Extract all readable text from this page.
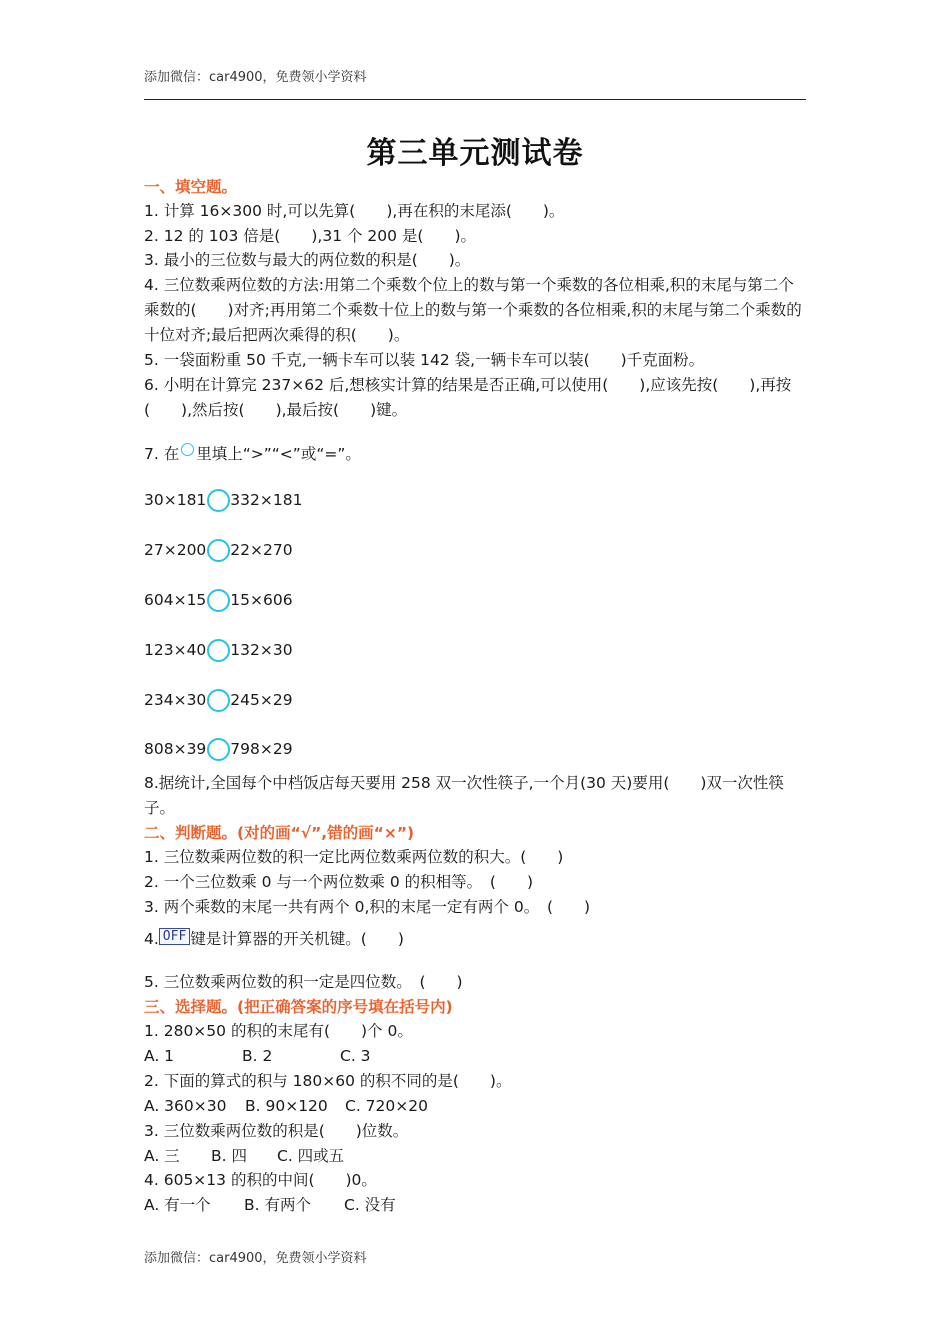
添加微信：car4900，免费领小学资料
第三单元测试卷
一、填空题。
1. 计算 16×300 时,可以先算(　　),再在积的末尾添(　　)。
2. 12 的 103 倍是(　　),31 个 200 是(　　)。
3. 最小的三位数与最大的两位数的积是(　　)。
4. 三位数乘两位数的方法:用第二个乘数个位上的数与第一个乘数的各位相乘,积的末尾与第二个乘数的(　　)对齐;再用第二个乘数十位上的数与第一个乘数的各位相乘,积的末尾与第二个乘数的十位对齐;最后把两次乘得的积(　　)。
5. 一袋面粉重 50 千克,一辆卡车可以装 142 袋,一辆卡车可以装(　　)千克面粉。
6. 小明在计算完 237×62 后,想核实计算的结果是否正确,可以使用(　　),应该先按(　　),再按(　　),然后按(　　),最后按(　　)键。
7. 在 里填上“>”“<”或“=”。
30×181 332×181
27×200 22×270
604×15 15×606
123×40 132×30
234×30 245×29
808×39 798×29
8.据统计,全国每个中档饭店每天要用 258 双一次性筷子,一个月(30 天)要用(　　)双一次性筷子。
二、判断题。(对的画“√”,错的画“×”)
1. 三位数乘两位数的积一定比两位数乘两位数的积大。(　　)
2. 一个三位数乘 0 与一个两位数乘 0 的积相等。　(　　)
3. 两个乘数的末尾一共有两个 0,积的末尾一定有两个 0。　(　　)
4. OFF 键是计算器的开关机键。(　　)
5. 三位数乘两位数的积一定是四位数。　(　　)
三、选择题。(把正确答案的序号填在括号内)
1. 280×50 的积的末尾有(　　)个 0。
A. 1	B. 2	C. 3
2. 下面的算式的积与 180×60 的积不同的是(　　)。
A. 360×30 B. 90×120 C. 720×20
3. 三位数乘两位数的积是(　　)位数。
A. 三 B. 四 C. 四或五
4. 605×13 的积的中间(　　)0。
A. 有一个 B. 有两个 C. 没有
添加微信：car4900，免费领小学资料
